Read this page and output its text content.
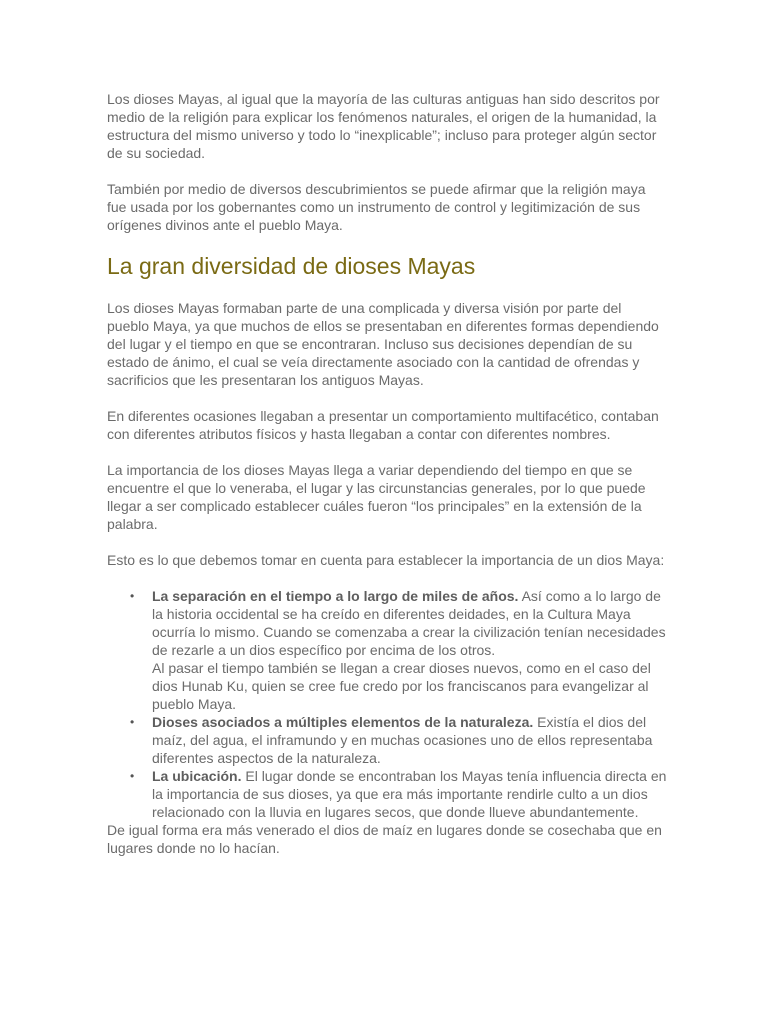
Los dioses Mayas, al igual que la mayoría de las culturas antiguas han sido descritos por medio de la religión para explicar los fenómenos naturales, el origen de la humanidad, la estructura del mismo universo y todo lo “inexplicable”; incluso para proteger algún sector de su sociedad.

También por medio de diversos descubrimientos se puede afirmar que la religión maya fue usada por los gobernantes como un instrumento de control y legitimización de sus orígenes divinos ante el pueblo Maya.

La gran diversidad de dioses Mayas

Los dioses Mayas formaban parte de una complicada y diversa visión por parte del pueblo Maya, ya que muchos de ellos se presentaban en diferentes formas dependiendo del lugar y el tiempo en que se encontraran. Incluso sus decisiones dependían de su estado de ánimo, el cual se veía directamente asociado con la cantidad de ofrendas y sacrificios que les presentaran los antiguos Mayas.

En diferentes ocasiones llegaban a presentar un comportamiento multifacético, contaban con diferentes atributos físicos y hasta llegaban a contar con diferentes nombres.

La importancia de los dioses Mayas llega a variar dependiendo del tiempo en que se encuentre el que lo veneraba, el lugar y las circunstancias generales, por lo que puede llegar a ser complicado establecer cuáles fueron “los principales” en la extensión de la palabra.

Esto es lo que debemos tomar en cuenta para establecer la importancia de un dios Maya:

• La separación en el tiempo a lo largo de miles de años. Así como a lo largo de la historia occidental se ha creído en diferentes deidades, en la Cultura Maya ocurría lo mismo. Cuando se comenzaba a crear la civilización tenían necesidades de rezarle a un dios específico por encima de los otros.
Al pasar el tiempo también se llegan a crear dioses nuevos, como en el caso del dios Hunab Ku, quien se cree fue credo por los franciscanos para evangelizar al pueblo Maya.
• Dioses asociados a múltiples elementos de la naturaleza. Existía el dios del maíz, del agua, el inframundo y en muchas ocasiones uno de ellos representaba diferentes aspectos de la naturaleza.
• La ubicación. El lugar donde se encontraban los Mayas tenía influencia directa en la importancia de sus dioses, ya que era más importante rendirle culto a un dios relacionado con la lluvia en lugares secos, que donde llueve abundantemente.

De igual forma era más venerado el dios de maíz en lugares donde se cosechaba que en lugares donde no lo hacían.
